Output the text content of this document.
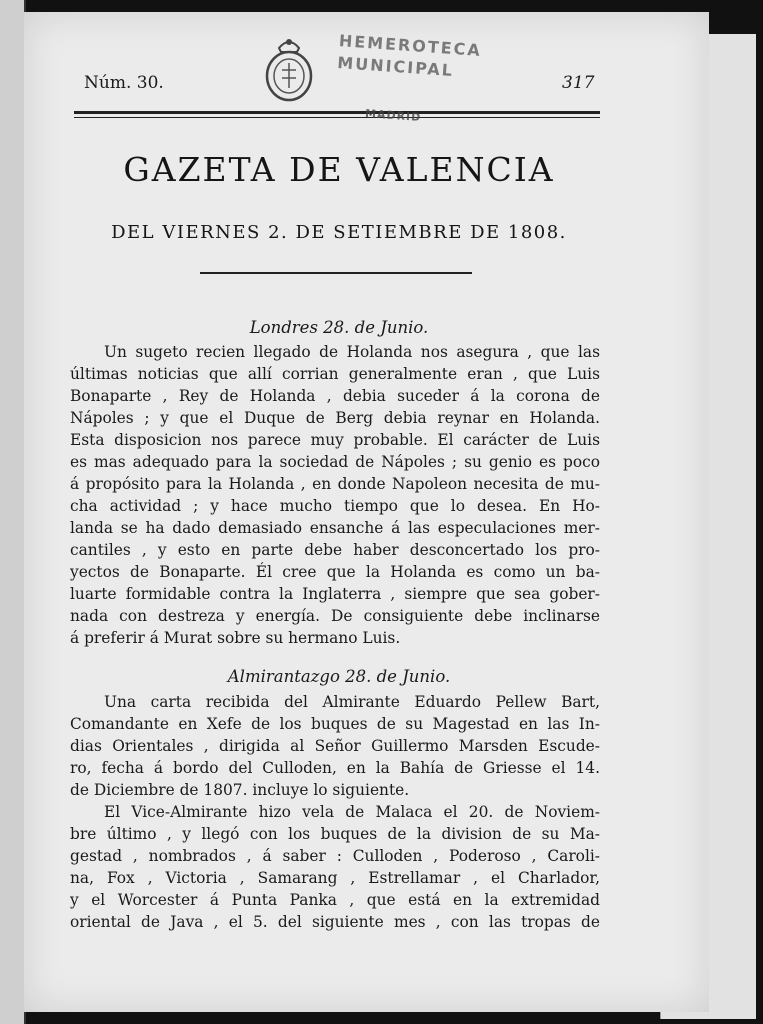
Núm. 30.
HEMEROTECA
MUNICIPAL
317
MADRID
GAZETA DE VALENCIA
DEL VIERNES 2. DE SETIEMBRE DE 1808.
Londres 28. de Junio.
Un sugeto recien llegado de Holanda nos asegura , que las
últimas noticias que allí corrian generalmente eran , que Luis
Bonaparte , Rey de Holanda , debia suceder á la corona de
Nápoles ; y que el Duque de Berg debia reynar en Holanda.
Esta disposicion nos parece muy probable. El carácter de Luis
es mas adequado para la sociedad de Nápoles ; su genio es poco
á propósito para la Holanda , en donde Napoleon necesita de mu-
cha actividad ; y hace mucho tiempo que lo desea. En Ho-
landa se ha dado demasiado ensanche á las especulaciones mer-
cantiles , y esto en parte debe haber desconcertado los pro-
yectos de Bonaparte. Él cree que la Holanda es como un ba-
luarte formidable contra la Inglaterra , siempre que sea gober-
nada con destreza y energía. De consiguiente debe inclinarse
á preferir á Murat sobre su hermano Luis.
Almirantazgo 28. de Junio.
Una carta recibida del Almirante Eduardo Pellew Bart,
Comandante en Xefe de los buques de su Magestad en las In-
dias Orientales , dirigida al Señor Guillermo Marsden Escude-
ro, fecha á bordo del Culloden, en la Bahía de Griesse el 14.
de Diciembre de 1807. incluye lo siguiente.
El Vice-Almirante hizo vela de Malaca el 20. de Noviem-
bre último , y llegó con los buques de la division de su Ma-
gestad , nombrados , á saber : Culloden , Poderoso , Caroli-
na, Fox , Victoria , Samarang , Estrellamar , el Charlador,
y el Worcester á Punta Panka , que está en la extremidad
oriental de Java , el 5. del siguiente mes , con las tropas de
